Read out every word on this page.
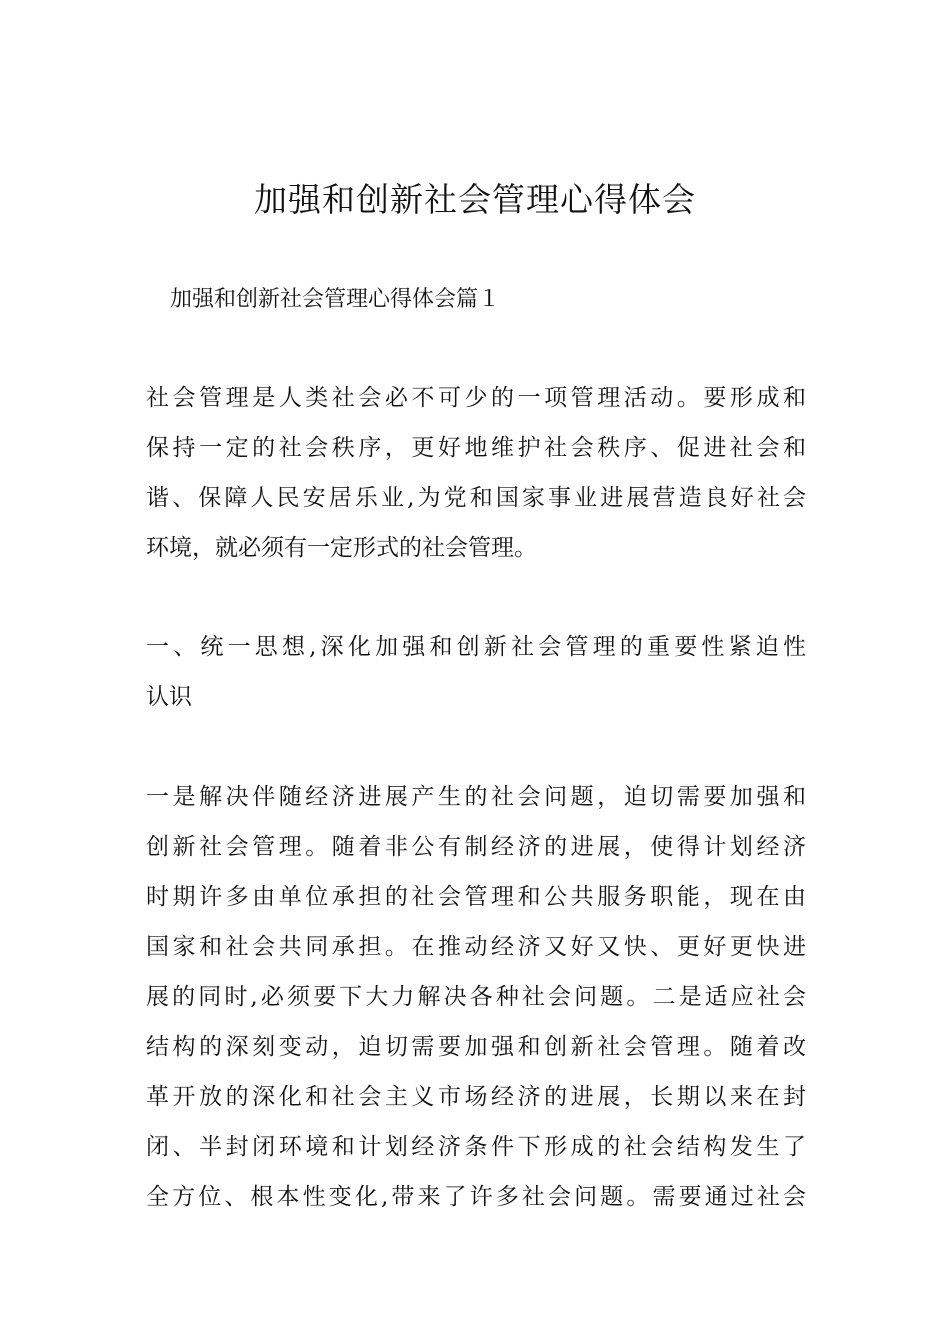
加强和创新社会管理心得体会
加强和创新社会管理心得体会篇１
社会管理是人类社会必不可少的一项管理活动。要形成和
保持一定的社会秩序，更好地维护社会秩序、促进社会和
谐、保障人民安居乐业,为党和国家事业进展营造良好社会
环境，就必须有一定形式的社会管理。
一、统一思想,深化加强和创新社会管理的重要性紧迫性
认识
一是解决伴随经济进展产生的社会问题，迫切需要加强和
创新社会管理。随着非公有制经济的进展，使得计划经济
时期许多由单位承担的社会管理和公共服务职能，现在由
国家和社会共同承担。在推动经济又好又快、更好更快进
展的同时,必须要下大力解决各种社会问题。二是适应社会
结构的深刻变动，迫切需要加强和创新社会管理。随着改
革开放的深化和社会主义市场经济的进展，长期以来在封
闭、半封闭环境和计划经济条件下形成的社会结构发生了
全方位、根本性变化,带来了许多社会问题。需要通过社会
